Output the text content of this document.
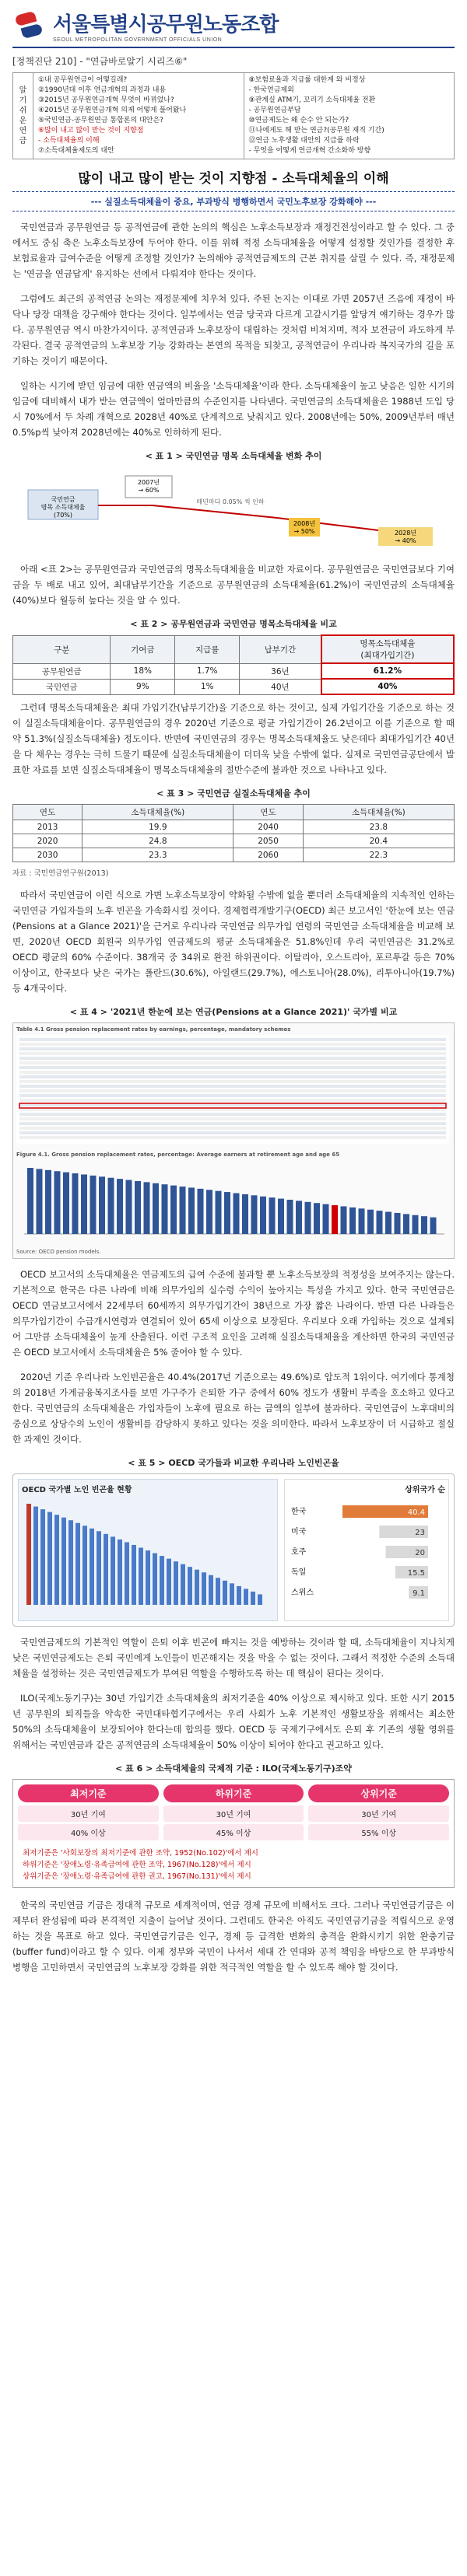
서울특별시공무원노동조합
SEOUL METROPOLITAN GOVERNMENT OFFICIALS UNION
[정책진단 210] - "연금바로알기 시리즈⑥"
알
기
쉬
운
연
금
①내 공무원연금이 어떻길래?
②1990년대 이후 연금개혁의 과정과 내용
③2015년 공무원연금개혁 무엇이 바뀌었나?
④2015년 공무원연금개혁 의제 어떻게 풀어왔나
⑤국민연금-공무원연금 통합론의 대안은?
⑥많이 내고 많이 받는 것이 지향점
- 소득대체율의 이해
⑦소득대체율제도의 대안
⑧보험료율과 지급률 대한계 와 비정상
- 한국연금제외
⑨관계실 ATM기, 꼬리기 소득대체율 전환
- 공무원연금부담
⑩연금제도는 왜 순수 안 되는가?
⑪나에게도 해 받는 연금?(공무원 재직 기간)
⑫연금 노후생활 대안의 지급률 하락
- 무엇을 어떻게 연금개혁 간소화하 방향
많이 내고 많이 받는 것이 지향점 - 소득대체율의 이해
--- 실질소득대체율이 중요, 부과방식 병행하면서 국민노후보장 강화해야 ---

국민연금과 공무원연금 등 공적연금에 관한 논의의 핵심은 노후소득보장과 재정건전성이라고 할 수 있다. 그 중에서도 중심 축은 노후소득보장에 두어야 한다. 이를 위해 적정 소득대체율을 어떻게 설정할 것인가를 결정한 후 보험료율과 급여수준을 어떻게 조정할 것인가? 논의해야 공적연금제도의 근본 취지를 살릴 수 있다. 즉, 재정문제는 '연금을 연금답게' 유지하는 선에서 다뤄져야 한다는 것이다.

그럼에도 최근의 공적연금 논의는 재정문제에 치우쳐 있다. 주된 논지는 이대로 가면 2057년 즈음에 재정이 바닥나 당장 대책을 강구해야 한다는 것이다. 일부에서는 연금 당국과 다르게 고갈시기를 앞당겨 얘기하는 경우가 많다. 공무원연금 역시 마찬가지이다. 공적연금과 노후보장이 대립하는 것처럼 비쳐지며, 적자 보전금이 과도하게 부각된다. 결국 공적연금의 노후보장 기능 강화라는 본연의 목적을 되찾고, 공적연금이 우리나라 복지국가의 길을 포기하는 것이기 때문이다.

일하는 시기에 받던 임금에 대한 연금액의 비율을 '소득대체율'이라 한다. 소득대체율이 높고 낮음은 일한 시기의 임금에 대비해서 내가 받는 연금액이 얼마만큼의 수준인지를 나타낸다. 국민연금의 소득대체율은 1988년 도입 당시 70%에서 두 차례 개혁으로 2028년 40%로 단계적으로 낮춰지고 있다. 2008년에는 50%, 2009년부터 매년 0.5%p씩 낮아져 2028년에는 40%로 인하하게 된다.

< 표 1 > 국민연금 명목 소득대체율 변화 추이
국민연금 명목 소득대체율 (70%)
2007년 → 60%
2008년 → 50%
매년마다 0.05% 씩 인하
2028년 → 40%

아래 <표 2>는 공무원연금과 국민연금의 명목소득대체율을 비교한 자료이다. 공무원연금은 국민연금보다 기여금을 두 배로 내고 있어, 최대납부기간을 기준으로 공무원연금의 소득대체율(61.2%)이 국민연금의 소득대체율(40%)보다 월등히 높다는 것을 알 수 있다.

< 표 2 > 공무원연금과 국민연금 명목소득대체율 비교
구분	기여금	지급률	납부기간	명목소득대체율
(최대가입기간)
공무원연금	18%	1.7%	36년	61.2%
국민연금	9%	1%	40년	40%

그런데 명목소득대체율은 최대 가입기간(납부기간)을 기준으로 하는 것이고, 실제 가입기간을 기준으로 하는 것이 실질소득대체율이다. 공무원연금의 경우 2020년 기준으로 평균 가입기간이 26.2년이고 이를 기준으로 할 때 약 51.3%(실질소득대체율) 정도이다. 반면에 국민연금의 경우는 명목소득대체율도 낮은데다 최대가입기간 40년을 다 채우는 경우는 극히 드물기 때문에 실질소득대체율이 더더욱 낮을 수밖에 없다. 실제로 국민연금공단에서 발표한 자료를 보면 실질소득대체율이 명목소득대체율의 절반수준에 불과한 것으로 나타나고 있다.

< 표 3 > 국민연금 실질소득대체율 추이
연도	소득대체율(%)	연도	소득대체율(%)
2013	19.9	2040	23.8
2020	24.8	2050	20.4
2030	23.3	2060	22.3
자료 : 국민연금연구원(2013)

따라서 국민연금이 이런 식으로 가면 노후소득보장이 약화될 수밖에 없을 뿐더러 소득대체율의 지속적인 인하는 국민연금 가입자들의 노후 빈곤을 가속화시킬 것이다. 경제협력개발기구(OECD) 최근 보고서인 '한눈에 보는 연금(Pensions at a Glance 2021)'을 근거로 우리나라 국민연금 의무가입 연령의 국민연금 소득대체율을 비교해 보면, 2020년 OECD 회원국 의무가입 연금제도의 평균 소득대체율은 51.8%인데 우리 국민연금은 31.2%로 OECD 평균의 60% 수준이다. 38개국 중 34위로 완전 하위권이다. 이탈리아, 오스트리아, 포르투갈 등은 70% 이상이고, 한국보다 낮은 국가는 폴란드(30.6%), 아일랜드(29.7%), 에스토니아(28.0%), 리투아니아(19.7%) 등 4개국이다.

< 표 4 > '2021년 한눈에 보는 연금(Pensions at a Glance 2021)' 국가별 비교
Table 4.1 Gross pension replacement rates by earnings, percentage, mandatory schemes
Figure 4.1. Gross pension replacement rates, percentage: Average earners at retirement age and age 65
Source: OECD pension models.

OECD 보고서의 소득대체율은 연금제도의 급여 수준에 불과할 뿐 노후소득보장의 적정성을 보여주지는 않는다. 기본적으로 한국은 다른 나라에 비해 의무가입의 실수령 수익이 높아지는 특성을 가지고 있다. 한국 국민연금은 OECD 연금보고서에서 22세부터 60세까지 의무가입기간이 38년으로 가장 짧은 나라이다. 반면 다른 나라들은 의무가입기간이 수급개시연령과 연결되어 있어 65세 이상으로 보장된다. 우리보다 오래 가입하는 것으로 설계되어 그만큼 소득대체율이 높게 산출된다. 이런 구조적 요인을 고려해 실질소득대체율을 계산하면 한국의 국민연금은 OECD 보고서에서 소득대체율은 5% 줄어야 할 수 있다.

2020년 기준 우리나라 노인빈곤율은 40.4%(2017년 기준으로는 49.6%)로 압도적 1위이다. 여기에다 통계청의 2018년 가계금융복지조사를 보면 가구주가 은퇴한 가구 중에서 60% 정도가 생활비 부족을 호소하고 있다고 한다. 국민연금의 소득대체율은 가입자들이 노후에 필요로 하는 금액의 일부에 불과하다. 국민연금이 노후대비의 중심으로 상당수의 노인이 생활비를 감당하지 못하고 있다는 것을 의미한다. 따라서 노후보장이 더 시급하고 절실한 과제인 것이다.

< 표 5 > OECD 국가들과 비교한 우리나라 노인빈곤율
OECD 국가별 노인 빈곤율 현황	상위국가 순
한국	40.4
미국	23
호주	20
독일	15.5
스위스	9.1

국민연금제도의 기본적인 역할이 은퇴 이후 빈곤에 빠지는 것을 예방하는 것이라 할 때, 소득대체율이 지나치게 낮은 국민연금제도는 은퇴 국민에게 노인들이 빈곤해지는 것을 막을 수 없는 것이다. 그래서 적정한 수준의 소득대체율을 설정하는 것은 국민연금제도가 부여된 역할을 수행하도록 하는 데 핵심이 된다는 것이다.

ILO(국제노동기구)는 30년 가입기간 소득대체율의 최저기준을 40% 이상으로 제시하고 있다. 또한 시기 2015년 공무원의 퇴직들을 약속한 국민대타협기구에서는 우리 사회가 노후 기본적인 생활보장을 위해서는 최소한 50%의 소득대체율이 보장되어야 한다는데 합의를 했다. OECD 등 국제기구에서도 은퇴 후 기존의 생활 영위를 위해서는 국민연금과 같은 공적연금의 소득대체율이 50% 이상이 되어야 한다고 권고하고 있다.

< 표 6 > 소득대체율의 국제적 기준 : ILO(국제노동기구)조약
최저기준
30년 기여
40% 이상
하위기준
30년 기여
45% 이상
상위기준
30년 기여
55% 이상
최저기준은 '사회보장의 최저기준에 관한 조약, 1952(No.102)'에서 제시
하위기준은 '장애노령·유족급여에 관한 조약, 1967(No.128)'에서 제시
상위기준은 '장애노령·유족급여에 관한 권고, 1967(No.131)'에서 제시

한국의 국민연금 기금은 정대적 규모로 세계적이며, 연금 경제 규모에 비해서도 크다. 그러나 국민연금기금은 이제부터 완성됨에 따라 본격적인 지출이 늘어날 것이다. 그런데도 한국은 아직도 국민연금기금을 적립식으로 운영하는 것을 목표로 하고 있다. 국민연금기금은 인구, 경제 등 급격한 변화의 충격을 완화시키기 위한 완충기금(buffer fund)이라고 할 수 있다. 이제 정부와 국민이 나서서 세대 간 연대와 공적 책임을 바탕으로 한 부과방식 병행을 고민하면서 국민연금의 노후보장 강화를 위한 적극적인 역할을 할 수 있도록 해야 할 것이다.
